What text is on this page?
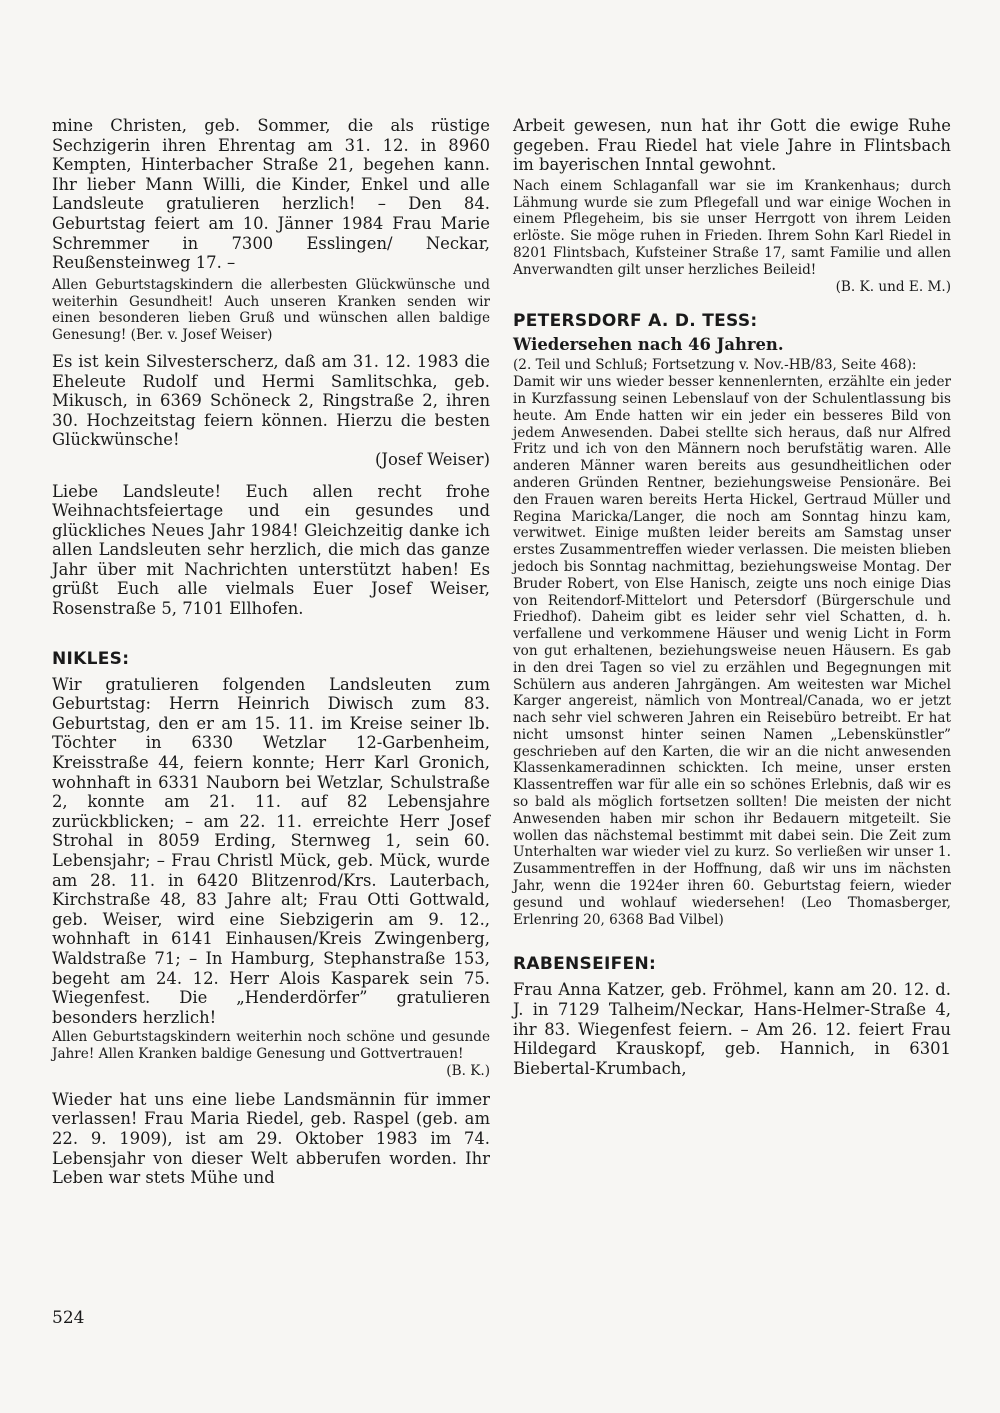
mine Christen, geb. Sommer, die als rüstige Sechzigerin ihren Ehrentag am 31. 12. in 8960 Kempten, Hinterbacher Straße 21, begehen kann. Ihr lieber Mann Willi, die Kinder, Enkel und alle Landsleute gratulieren herzlich! – Den 84. Geburtstag feiert am 10. Jänner 1984 Frau Marie Schremmer in 7300 Esslingen/ Neckar, Reußensteinweg 17. –

Allen Geburtstagskindern die allerbesten Glückwünsche und weiterhin Gesundheit! Auch unseren Kranken senden wir einen besonderen lieben Gruß und wünschen allen baldige Genesung! (Ber. v. Josef Weiser)

Es ist kein Silvesterscherz, daß am 31. 12. 1983 die Eheleute Rudolf und Hermi Samlitschka, geb. Mikusch, in 6369 Schöneck 2, Ringstraße 2, ihren 30. Hochzeitstag feiern können. Hierzu die besten Glückwünsche!

(Josef Weiser)

Liebe Landsleute! Euch allen recht frohe Weihnachtsfeiertage und ein gesundes und glückliches Neues Jahr 1984! Gleichzeitig danke ich allen Landsleuten sehr herzlich, die mich das ganze Jahr über mit Nachrichten unterstützt haben! Es grüßt Euch alle vielmals Euer Josef Weiser, Rosenstraße 5, 7101 Ellhofen.

NIKLES:

Wir gratulieren folgenden Landsleuten zum Geburtstag: Herrn Heinrich Diwisch zum 83. Geburtstag, den er am 15. 11. im Kreise seiner lb. Töchter in 6330 Wetzlar 12-Garbenheim, Kreisstraße 44, feiern konnte; Herr Karl Gronich, wohnhaft in 6331 Nauborn bei Wetzlar, Schulstraße 2, konnte am 21. 11. auf 82 Lebensjahre zurückblicken; – am 22. 11. erreichte Herr Josef Strohal in 8059 Erding, Sternweg 1, sein 60. Lebensjahr; – Frau Christl Mück, geb. Mück, wurde am 28. 11. in 6420 Blitzenrod/Krs. Lauterbach, Kirchstraße 48, 83 Jahre alt; Frau Otti Gottwald, geb. Weiser, wird eine Siebzigerin am 9. 12., wohnhaft in 6141 Einhausen/Kreis Zwingenberg, Waldstraße 71; – In Hamburg, Stephanstraße 153, begeht am 24. 12. Herr Alois Kasparek sein 75. Wiegenfest. Die „Henderdörfer” gratulieren besonders herzlich!

Allen Geburtstagskindern weiterhin noch schöne und gesunde Jahre! Allen Kranken baldige Genesung und Gottvertrauen!

(B. K.)

Wieder hat uns eine liebe Landsmännin für immer verlassen! Frau Maria Riedel, geb. Raspel (geb. am 22. 9. 1909), ist am 29. Oktober 1983 im 74. Lebensjahr von dieser Welt abberufen worden. Ihr Leben war stets Mühe und

Arbeit gewesen, nun hat ihr Gott die ewige Ruhe gegeben. Frau Riedel hat viele Jahre in Flintsbach im bayerischen Inntal gewohnt.

Nach einem Schlaganfall war sie im Krankenhaus; durch Lähmung wurde sie zum Pflegefall und war einige Wochen in einem Pflegeheim, bis sie unser Herrgott von ihrem Leiden erlöste. Sie möge ruhen in Frieden. Ihrem Sohn Karl Riedel in 8201 Flintsbach, Kufsteiner Straße 17, samt Familie und allen Anverwandten gilt unser herzliches Beileid!

(B. K. und E. M.)

PETERSDORF A. D. TESS:
Wiedersehen nach 46 Jahren.

(2. Teil und Schluß; Fortsetzung v. Nov.-HB/83, Seite 468):

Damit wir uns wieder besser kennenlernten, erzählte ein jeder in Kurzfassung seinen Lebenslauf von der Schulentlassung bis heute. Am Ende hatten wir ein jeder ein besseres Bild von jedem Anwesenden. Dabei stellte sich heraus, daß nur Alfred Fritz und ich von den Männern noch berufstätig waren. Alle anderen Männer waren bereits aus gesundheitlichen oder anderen Gründen Rentner, beziehungsweise Pensionäre. Bei den Frauen waren bereits Herta Hickel, Gertraud Müller und Regina Maricka/Langer, die noch am Sonntag hinzu kam, verwitwet. Einige mußten leider bereits am Samstag unser erstes Zusammentreffen wieder verlassen. Die meisten blieben jedoch bis Sonntag nachmittag, beziehungsweise Montag. Der Bruder Robert, von Else Hanisch, zeigte uns noch einige Dias von Reitendorf-Mittelort und Petersdorf (Bürgerschule und Friedhof). Daheim gibt es leider sehr viel Schatten, d. h. verfallene und verkommene Häuser und wenig Licht in Form von gut erhaltenen, beziehungsweise neuen Häusern. Es gab in den drei Tagen so viel zu erzählen und Begegnungen mit Schülern aus anderen Jahrgängen. Am weitesten war Michel Karger angereist, nämlich von Montreal/Canada, wo er jetzt nach sehr viel schweren Jahren ein Reisebüro betreibt. Er hat nicht umsonst hinter seinen Namen „Lebenskünstler” geschrieben auf den Karten, die wir an die nicht anwesenden Klassenkameradinnen schickten. Ich meine, unser ersten Klassentreffen war für alle ein so schönes Erlebnis, daß wir es so bald als möglich fortsetzen sollten! Die meisten der nicht Anwesenden haben mir schon ihr Bedauern mitgeteilt. Sie wollen das nächstemal bestimmt mit dabei sein. Die Zeit zum Unterhalten war wieder viel zu kurz. So verließen wir unser 1. Zusammentreffen in der Hoffnung, daß wir uns im nächsten Jahr, wenn die 1924er ihren 60. Geburtstag feiern, wieder gesund und wohlauf wiedersehen! (Leo Thomasberger, Erlenring 20, 6368 Bad Vilbel)

RABENSEIFEN:

Frau Anna Katzer, geb. Fröhmel, kann am 20. 12. d. J. in 7129 Talheim/Neckar, Hans-Helmer-Straße 4, ihr 83. Wiegenfest feiern. – Am 26. 12. feiert Frau Hildegard Krauskopf, geb. Hannich, in 6301 Biebertal-Krumbach,

524
